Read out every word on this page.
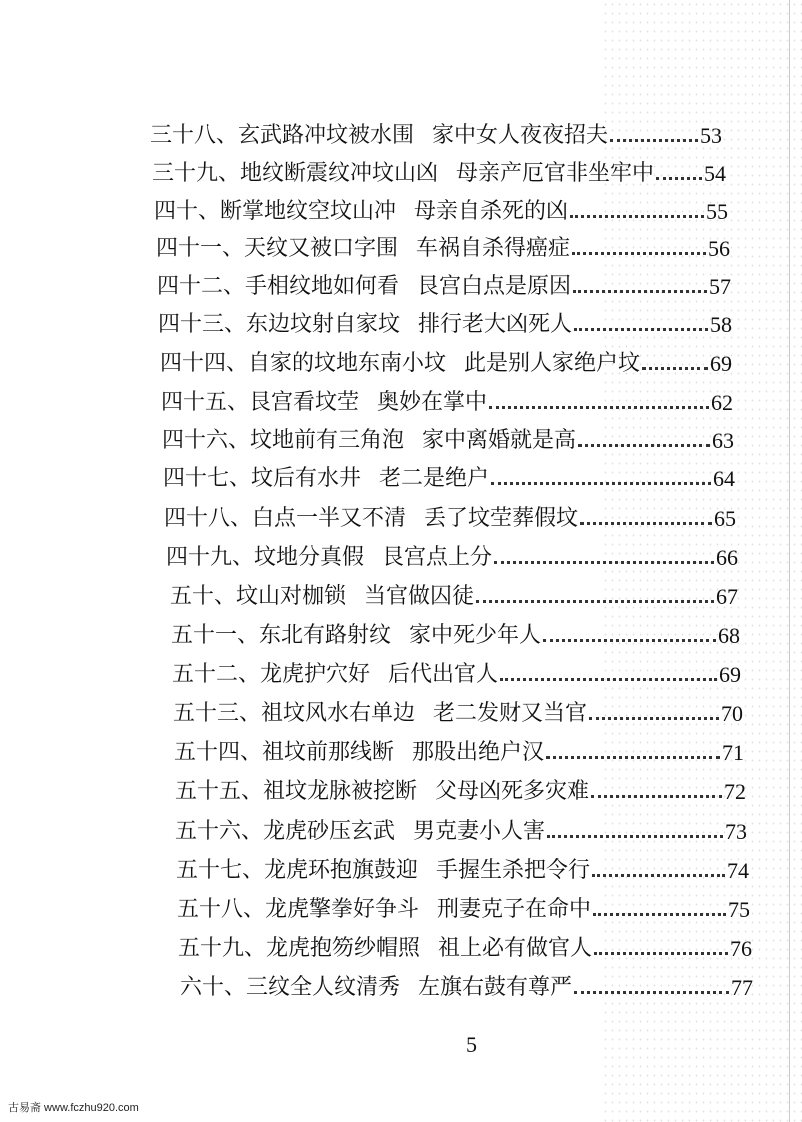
三十八、玄武路冲坟被水围 家中女人夜夜招夫	53
三十九、地纹断震纹冲坟山凶 母亲产厄官非坐牢中 54
四十、断掌地纹空坟山冲 母亲自杀死的凶	55
四十一、天纹又被口字围 车祸自杀得癌症	56
四十二、手相纹地如何看 艮宫白点是原因	57
四十三、东边坟射自家坟 排行老大凶死人	58
四十四、自家的坟地东南小坟 此是别人家绝户坟	69
四十五、艮宫看坟茔 奥妙在掌中	62
四十六、坟地前有三角泡 家中离婚就是高	63
四十七、坟后有水井 老二是绝户	64
四十八、白点一半又不清 丢了坟茔葬假坟	65
四十九、坟地分真假 艮宫点上分	66
五十、坟山对枷锁 当官做囚徒	67
五十一、东北有路射纹 家中死少年人	68
五十二、龙虎护穴好 后代出官人	69
五十三、祖坟风水右单边 老二发财又当官	70
五十四、祖坟前那线断 那股出绝户汉	71
五十五、祖坟龙脉被挖断 父母凶死多灾难	72
五十六、龙虎砂压玄武 男克妻小人害	73
五十七、龙虎环抱旗鼓迎 手握生杀把令行	74
五十八、龙虎擎拳好争斗 刑妻克子在命中	75
五十九、龙虎抱笏纱帽照 祖上必有做官人	76
六十、三纹全人纹清秀 左旗右鼓有尊严	77
5
古易斋 www.fczhu920.com
